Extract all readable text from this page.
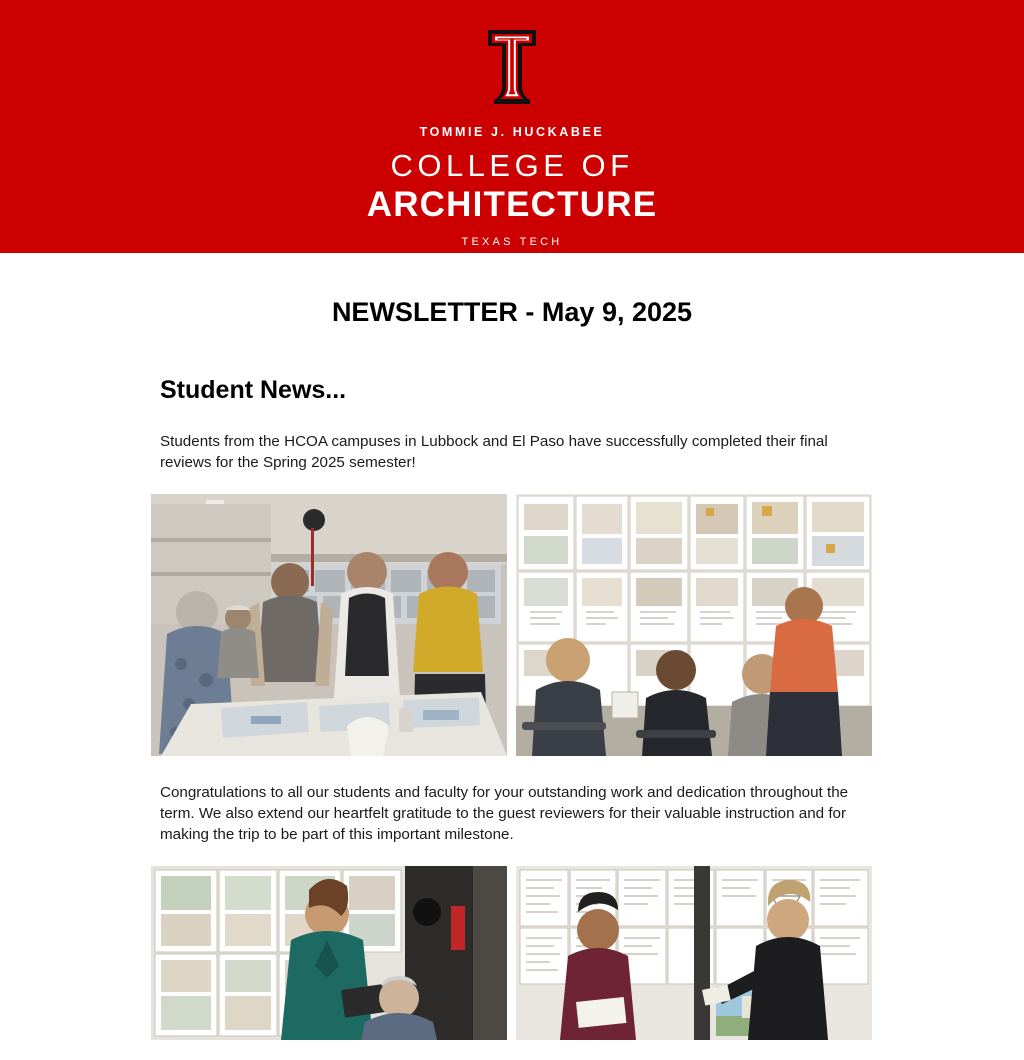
TOMMIE J. HUCKABEE
COLLEGE OF
ARCHITECTURE
TEXAS TECH
NEWSLETTER - May 9, 2025
Student News...
Students from the HCOA campuses in Lubbock and El Paso have successfully completed their final reviews for the Spring 2025 semester!
Congratulations to all our students and faculty for your outstanding work and dedication throughout the term. We also extend our heartfelt gratitude to the guest reviewers for their valuable instruction and for making the trip to be part of this important milestone.
